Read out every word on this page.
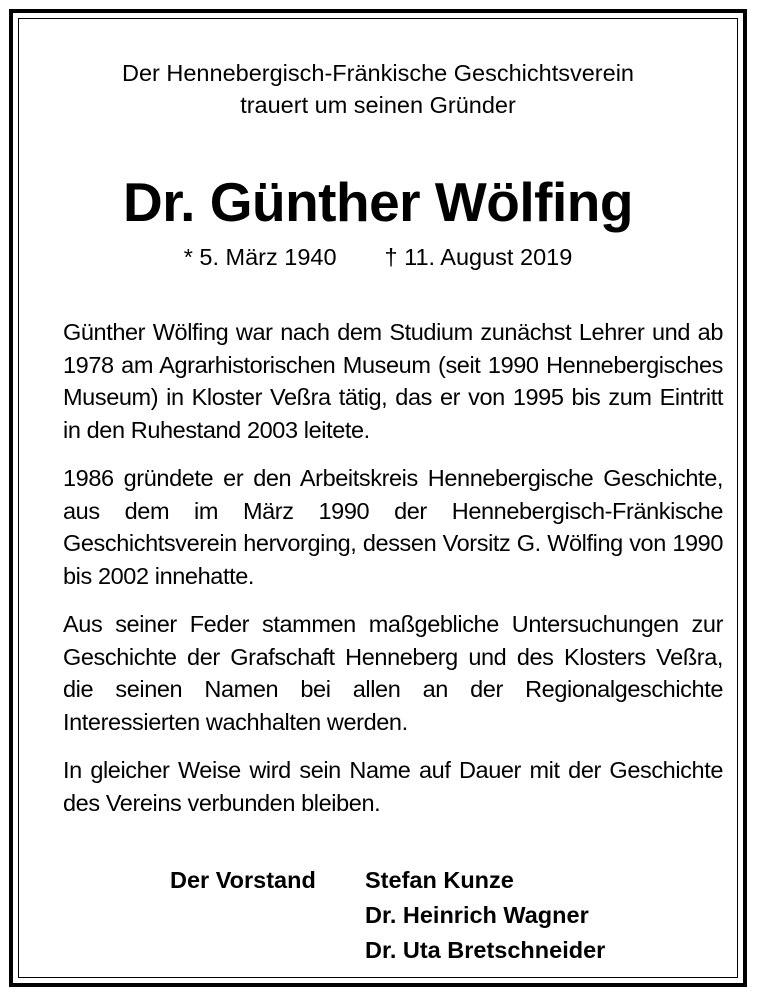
Der Hennebergisch-Fränkische Geschichtsverein
trauert um seinen Gründer
Dr. Günther Wölfing
* 5. März 1940 † 11. August 2019

Günther Wölfing war nach dem Studium zunächst Lehrer und ab 1978 am Agrarhistorischen Museum (seit 1990 Hennebergisches Museum) in Kloster Veßra tätig, das er von 1995 bis zum Eintritt in den Ruhestand 2003 leitete.

1986 gründete er den Arbeitskreis Hennebergische Geschichte, aus dem im März 1990 der Hennebergisch-Fränkische Geschichtsverein hervorging, dessen Vorsitz G. Wölfing von 1990 bis 2002 innehatte.

Aus seiner Feder stammen maßgebliche Untersuchungen zur Geschichte der Grafschaft Henneberg und des Klosters Veßra, die seinen Namen bei allen an der Regionalgeschichte Interessierten wachhalten werden.

In gleicher Weise wird sein Name auf Dauer mit der Geschichte des Vereins verbunden bleiben.

Der Vorstand Stefan Kunze
Dr. Heinrich Wagner
Dr. Uta Bretschneider
